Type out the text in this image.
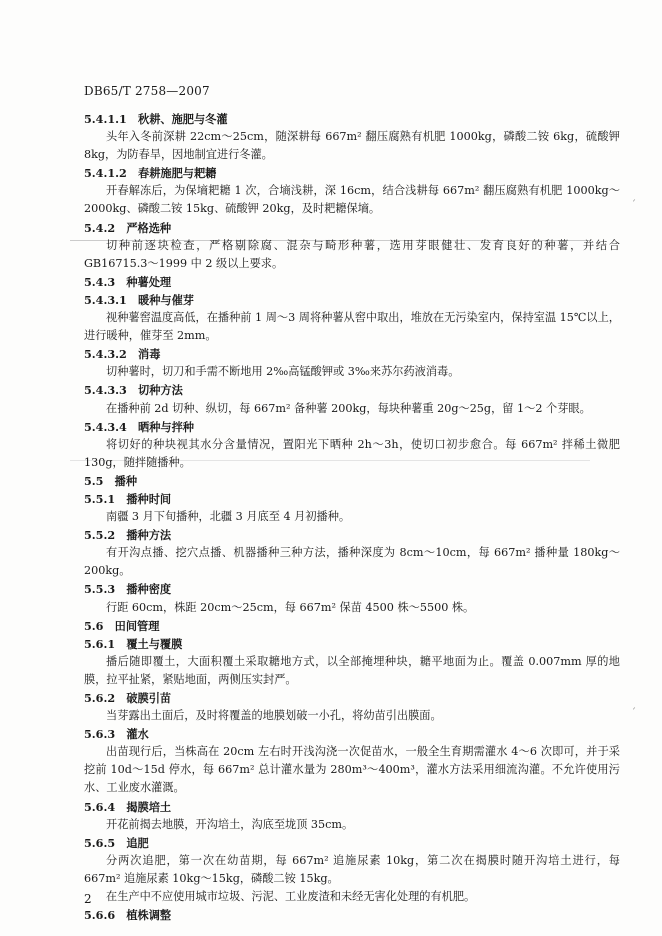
DB65/T 2758—2007
ˊ
ˊ
5.4.1.1　秋耕、施肥与冬灌
头年入冬前深耕 22cm～25cm，随深耕每 667m² 翻压腐熟有机肥 1000kg，磷酸二铵 6kg，硫酸钾 8kg，为防春旱，因地制宜进行冬灌。
5.4.1.2　春耕施肥与耙耱
开春解冻后，为保墒耙耱 1 次，合墒浅耕，深 16cm，结合浅耕每 667m² 翻压腐熟有机肥 1000kg～2000kg、磷酸二铵 15kg、硫酸钾 20kg，及时耙耱保墒。
5.4.2　严格选种
切种前逐块检查，严格剔除腐、混杂与畸形种薯，选用芽眼健壮、发育良好的种薯，并结合 GB16715.3～1999 中 2 级以上要求。
5.4.3　种薯处理
5.4.3.1　暖种与催芽
视种薯窖温度高低，在播种前 1 周～3 周将种薯从窖中取出，堆放在无污染室内，保持室温 15℃以上，进行暖种，催芽至 2mm。
5.4.3.2　消毒
切种薯时，切刀和手需不断地用 2‰高锰酸钾或 3‰来苏尔药液消毒。
5.4.3.3　切种方法
在播种前 2d 切种、纵切，每 667m² 备种薯 200kg，每块种薯重 20g～25g，留 1～2 个芽眼。
5.4.3.4　晒种与拌种
将切好的种块视其水分含量情况，置阳光下晒种 2h～3h，使切口初步愈合。每 667m² 拌稀土微肥 130g，随拌随播种。
5.5　播种
5.5.1　播种时间
南疆 3 月下旬播种，北疆 3 月底至 4 月初播种。
5.5.2　播种方法
有开沟点播、挖穴点播、机器播种三种方法，播种深度为 8cm～10cm，每 667m² 播种量 180kg～200kg。
5.5.3　播种密度
行距 60cm，株距 20cm～25cm，每 667m² 保苗 4500 株～5500 株。
5.6　田间管理
5.6.1　覆土与覆膜
播后随即覆土，大面积覆土采取耱地方式，以全部掩埋种块，耱平地面为止。覆盖 0.007mm 厚的地膜，拉平扯紧，紧贴地面，两侧压实封严。
5.6.2　破膜引苗
当芽露出土面后，及时将覆盖的地膜划破一小孔，将幼苗引出膜面。
5.6.3　灌水
出苗现行后，当株高在 20cm 左右时开浅沟浇一次促苗水，一般全生育期需灌水 4～6 次即可，并于采挖前 10d～15d 停水，每 667m² 总计灌水量为 280m³～400m³，灌水方法采用细流沟灌。不允许使用污水、工业废水灌溉。
5.6.4　揭膜培土
开花前揭去地膜，开沟培土，沟底至垅顶 35cm。
5.6.5　追肥
分两次追肥，第一次在幼苗期，每 667m² 追施尿素 10kg，第二次在揭膜时随开沟培土进行，每 667m² 追施尿素 10kg～15kg，磷酸二铵 15kg。
在生产中不应使用城市垃圾、污泥、工业废渣和未经无害化处理的有机肥。
5.6.6　植株调整
2
